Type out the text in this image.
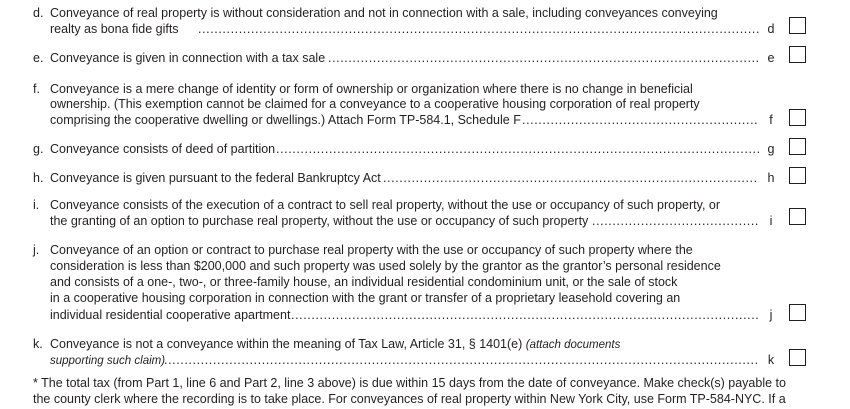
d. Conveyance of real property is without consideration and not in connection with a sale, including conveyances conveying
realty as bona fide gifts .....	d
e. Conveyance is given in connection with a tax sale .....	e
f. Conveyance is a mere change of identity or form of ownership or organization where there is no change in beneficial
ownership. (This exemption cannot be claimed for a conveyance to a cooperative housing corporation of real property
comprising the cooperative dwelling or dwellings.) Attach Form TP-584.1, Schedule F .....	f
g. Conveyance consists of deed of partition .....	g
h. Conveyance is given pursuant to the federal Bankruptcy Act .....	h
i. Conveyance consists of the execution of a contract to sell real property, without the use or occupancy of such property, or
the granting of an option to purchase real property, without the use or occupancy of such property .....	i
j. Conveyance of an option or contract to purchase real property with the use or occupancy of such property where the
consideration is less than $200,000 and such property was used solely by the grantor as the grantor’s personal residence
and consists of a one-, two-, or three-family house, an individual residential condominium unit, or the sale of stock
in a cooperative housing corporation in connection with the grant or transfer of a proprietary leasehold covering an
individual residential cooperative apartment .....	j
k. Conveyance is not a conveyance within the meaning of Tax Law, Article 31, § 1401(e) (attach documents
supporting such claim) .....	k
* The total tax (from Part 1, line 6 and Part 2, line 3 above) is due within 15 days from the date of conveyance. Make check(s) payable to
the county clerk where the recording is to take place. For conveyances of real property within New York City, use Form TP-584-NYC. If a
